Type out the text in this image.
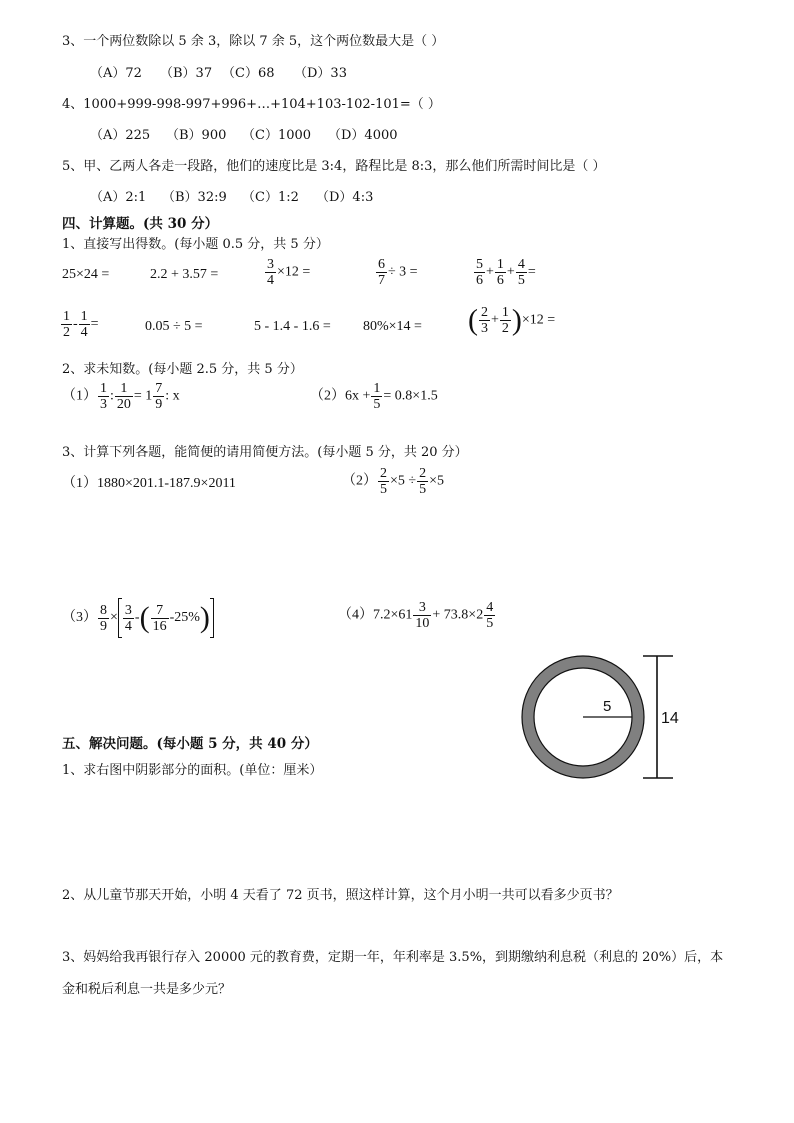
3、一个两位数除以 5 余 3，除以 7 余 5，这个两位数最大是（ ）
（A）72 （B）37 （C）68 （D）33
4、1000+999-998-997+996+…+104+103-102-101=（ ）
（A）225 （B）900 （C）1000 （D）4000
5、甲、乙两人各走一段路，他们的速度比是 3:4，路程比是 8:3，那么他们所需时间比是（ ）
（A）2:1 （B）32:9 （C）1:2 （D）4:3
四、计算题。(共 30 分）
1、直接写出得数。(每小题 0.5 分，共 5 分）
25×24 =	2.2 + 3.57 =	$\frac{3}{4} \times 12$ =	$\frac{6}{7} \div 3$ =	$\frac{5}{6} + \frac{1}{6} + \frac{4}{5}$ =
$\frac{1}{2} - \frac{1}{4}$ =	0.05 ÷ 5 =	5 - 1.4 - 1.6 = 80%×14 = ( $\frac{2}{3} + \frac{1}{2} )\times 12$ =
2、求未知数。(每小题 2.5 分，共 5 分）
$(1) \frac{1}{3}$ : $\frac{1}{20} = 1 \frac{7}{9}$ : x	$(2)6x + \frac{1}{5} = 0.8\times 1.5$
3、计算下列各题，能简便的请用简便方法。(每小题 5 分，共 20 分）
（1）1880×201.1-187.9×2011	$(2) \frac{2}{5} \times 5 \div \frac{2}{5} \times 5$
$(3) \frac{8}{9} \times \frac{3}{4}$ -( $\frac{7}{16} -25\%$)	$(4)7.2\times 61 \frac{3}{10} + 73.8\times 2 \frac{4}{5}$
5
14
五、解决问题。(每小题 5 分，共 40 分）
1、求右图中阴影部分的面积。(单位：厘米）
2、从儿童节那天开始，小明 4 天看了 72 页书，照这样计算，这个月小明一共可以看多少页书？
3、妈妈给我再银行存入 20000 元的教育费，定期一年，年利率是 3.5%，到期缴纳利息税（利息的 20%）后，本
金和税后利息一共是多少元？
